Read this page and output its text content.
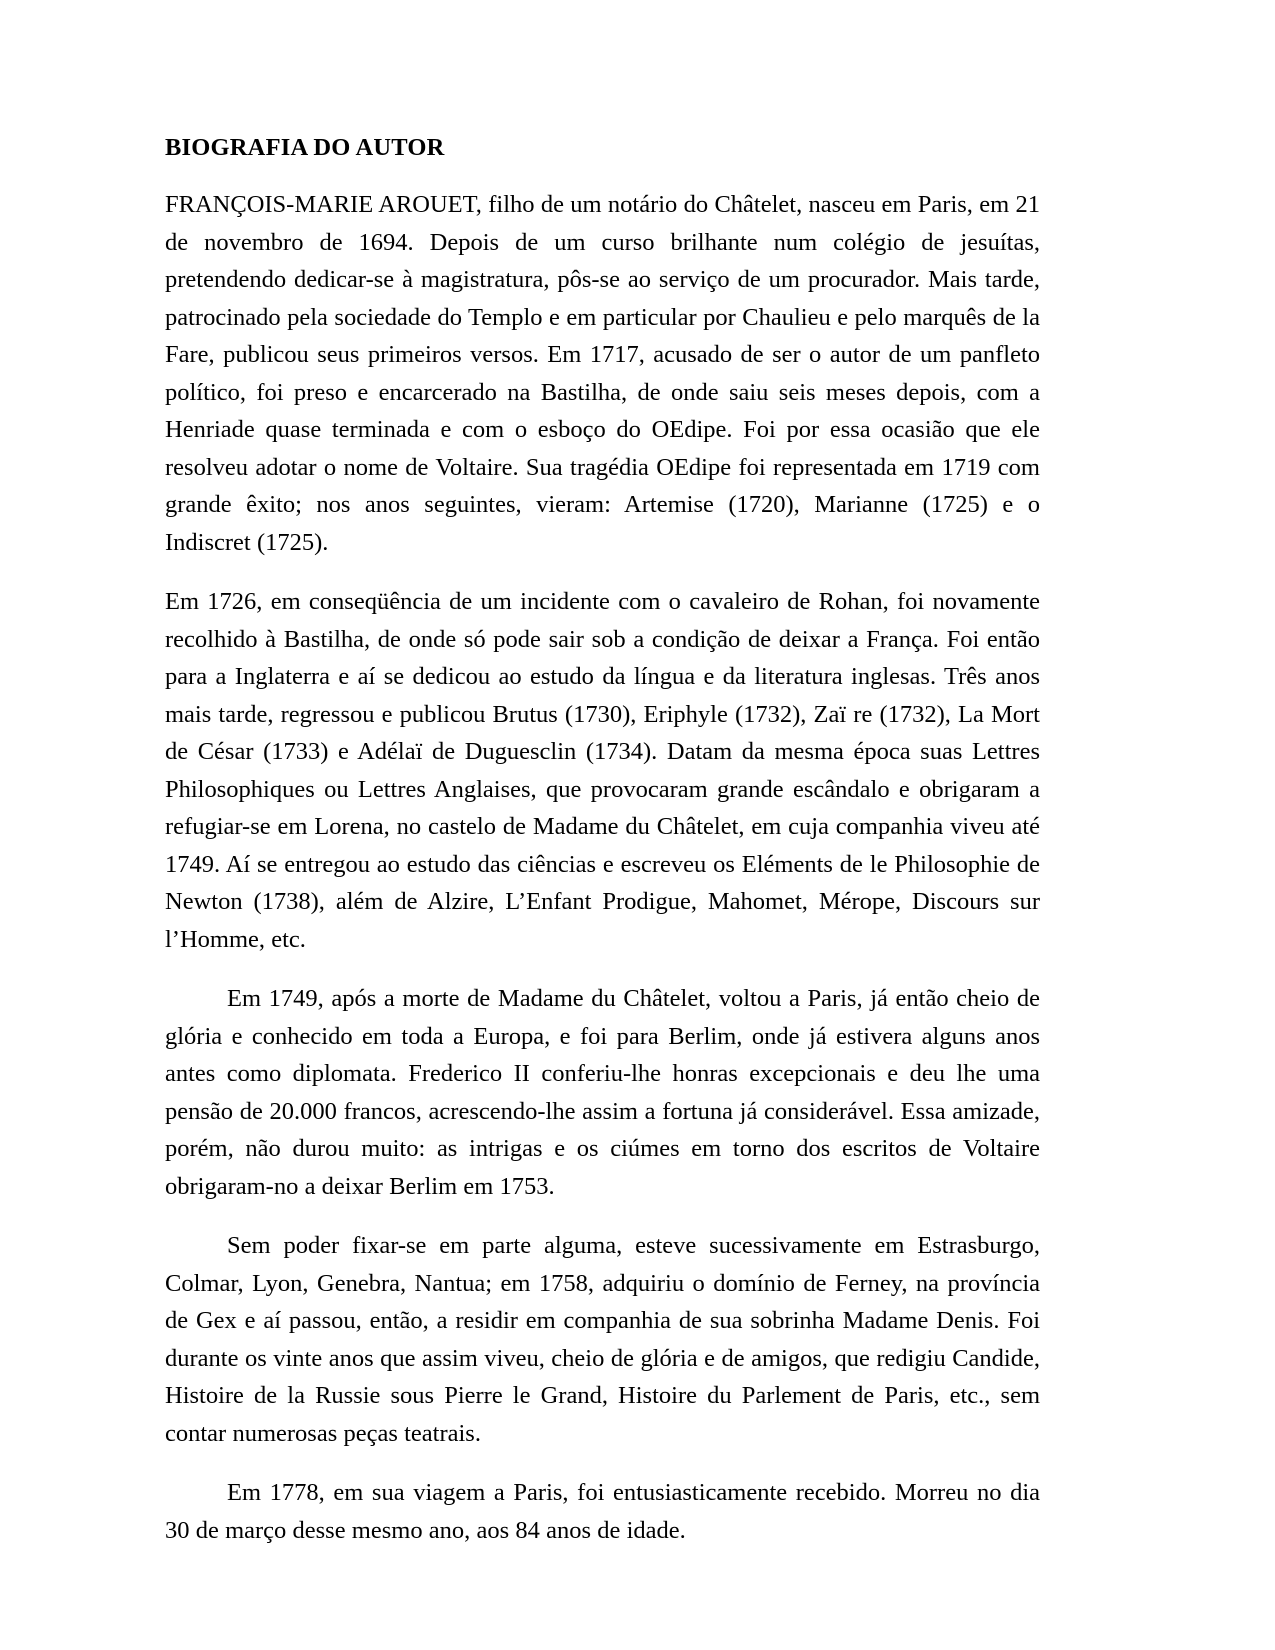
BIOGRAFIA DO AUTOR

FRANÇOIS-MARIE AROUET, filho de um notário do Châtelet, nasceu em Paris, em 21 de novembro de 1694. Depois de um curso brilhante num colégio de jesuítas, pretendendo dedicar-se à magistratura, pôs-se ao serviço de um procurador. Mais tarde, patrocinado pela sociedade do Templo e em particular por Chaulieu e pelo marquês de la Fare, publicou seus primeiros versos. Em 1717, acusado de ser o autor de um panfleto político, foi preso e encarcerado na Bastilha, de onde saiu seis meses depois, com a Henriade quase terminada e com o esboço do OEdipe. Foi por essa ocasião que ele resolveu adotar o nome de Voltaire. Sua tragédia OEdipe foi representada em 1719 com grande êxito; nos anos seguintes, vieram: Artemise (1720), Marianne (1725) e o Indiscret (1725).

Em 1726, em conseqüência de um incidente com o cavaleiro de Rohan, foi novamente recolhido à Bastilha, de onde só pode sair sob a condição de deixar a França. Foi então para a Inglaterra e aí se dedicou ao estudo da língua e da literatura inglesas. Três anos mais tarde, regressou e publicou Brutus (1730), Eriphyle (1732), Zaï re (1732), La Mort de César (1733) e Adélaï de Duguesclin (1734). Datam da mesma época suas Lettres Philosophiques ou Lettres Anglaises, que provocaram grande escândalo e obrigaram a refugiar-se em Lorena, no castelo de Madame du Châtelet, em cuja companhia viveu até 1749. Aí se entregou ao estudo das ciências e escreveu os Eléments de le Philosophie de Newton (1738), além de Alzire, L’Enfant Prodigue, Mahomet, Mérope, Discours sur l’Homme, etc.

Em 1749, após a morte de Madame du Châtelet, voltou a Paris, já então cheio de glória e conhecido em toda a Europa, e foi para Berlim, onde já estivera alguns anos antes como diplomata. Frederico II conferiu-lhe honras excepcionais e deu lhe uma pensão de 20.000 francos, acrescendo-lhe assim a fortuna já considerável. Essa amizade, porém, não durou muito: as intrigas e os ciúmes em torno dos escritos de Voltaire obrigaram-no a deixar Berlim em 1753.

Sem poder fixar-se em parte alguma, esteve sucessivamente em Estrasburgo, Colmar, Lyon, Genebra, Nantua; em 1758, adquiriu o domínio de Ferney, na província de Gex e aí passou, então, a residir em companhia de sua sobrinha Madame Denis. Foi durante os vinte anos que assim viveu, cheio de glória e de amigos, que redigiu Candide, Histoire de la Russie sous Pierre le Grand, Histoire du Parlement de Paris, etc., sem contar numerosas peças teatrais.

Em 1778, em sua viagem a Paris, foi entusiasticamente recebido. Morreu no dia 30 de março desse mesmo ano, aos 84 anos de idade.
